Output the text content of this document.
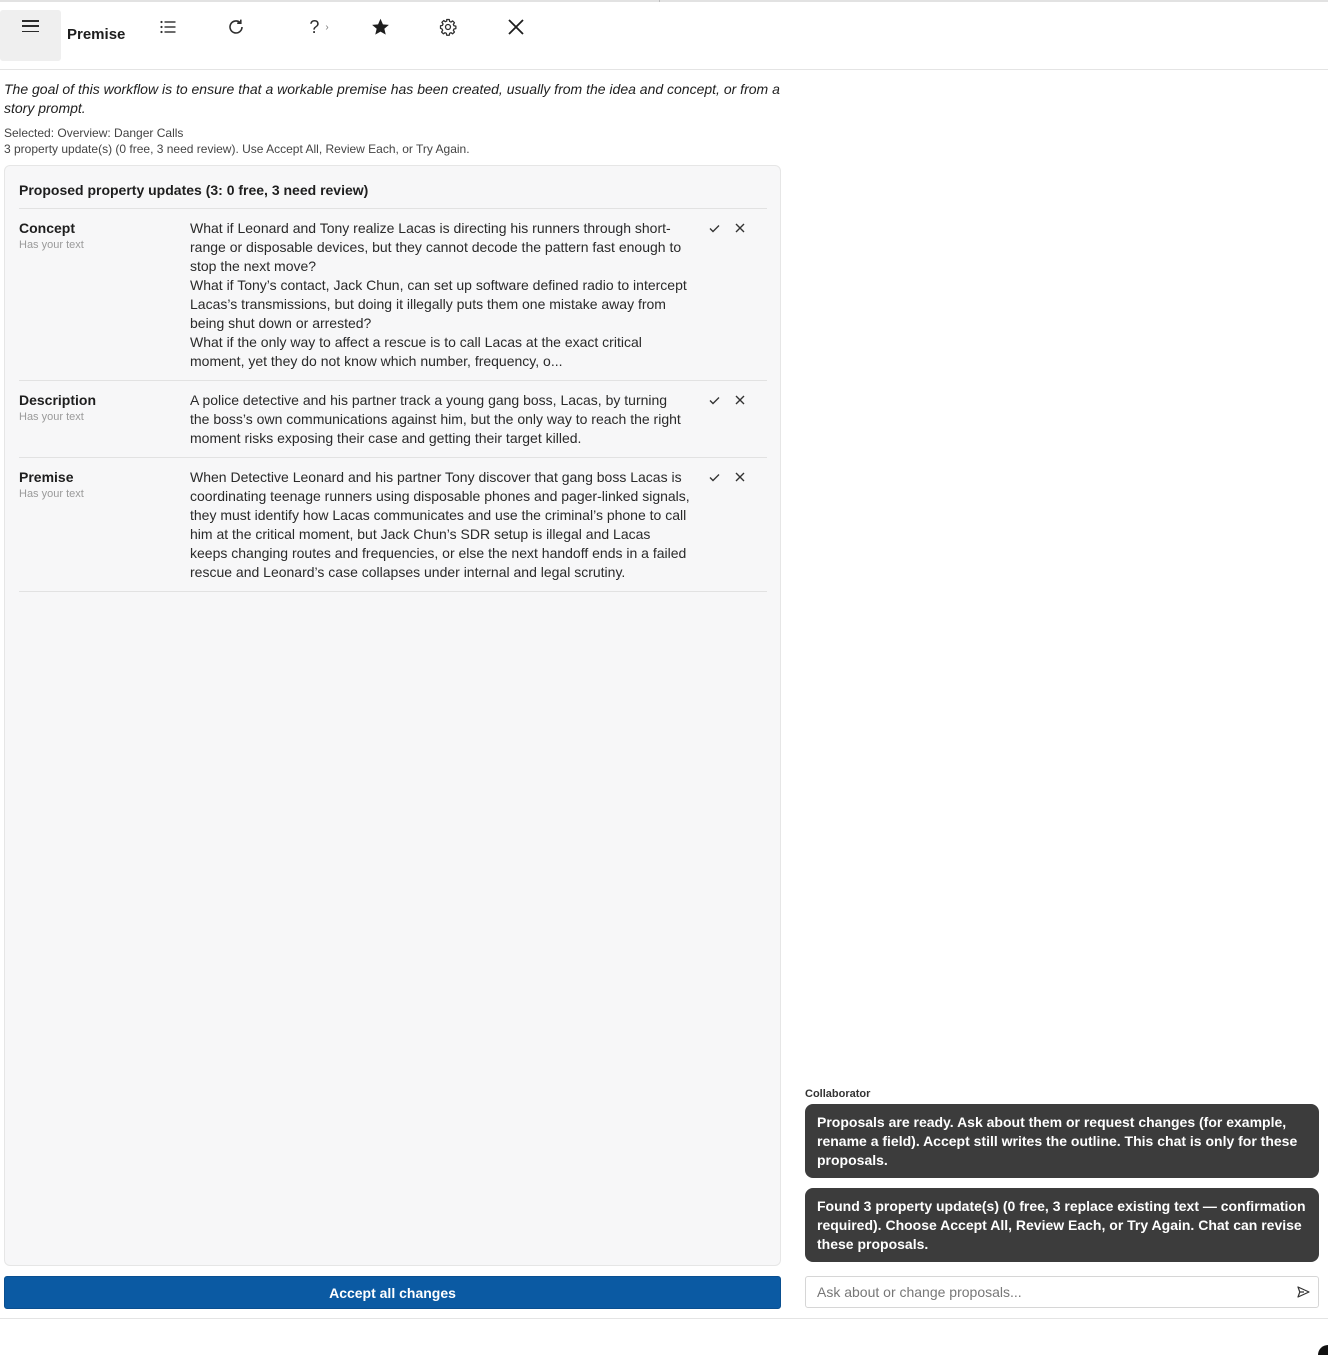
Premise	? ›

The goal of this workflow is to ensure that a workable premise has been created, usually from the idea and concept, or from a story prompt.

Selected: Overview: Danger Calls
3 property update(s) (0 free, 3 need review). Use Accept All, Review Each, or Try Again.
Proposed property updates (3: 0 free, 3 need review)
Concept
Has your text

What if Leonard and Tony realize Lacas is directing his runners through short-range or disposable devices, but they cannot decode the pattern fast enough to stop the next move?

What if Tony’s contact, Jack Chun, can set up software defined radio to intercept Lacas’s transmissions, but doing it illegally puts them one mistake away from being shut down or arrested?

What if the only way to affect a rescue is to call Lacas at the exact critical moment, yet they do not know which number, frequency, o...

Description
Has your text

A police detective and his partner track a young gang boss, Lacas, by turning the boss’s own communications against him, but the only way to reach the right moment risks exposing their case and getting their target killed.

Premise
Has your text

When Detective Leonard and his partner Tony discover that gang boss Lacas is coordinating teenage runners using disposable phones and pager-linked signals, they must identify how Lacas communicates and use the criminal’s phone to call him at the critical moment, but Jack Chun’s SDR setup is illegal and Lacas keeps changing routes and frequencies, or else the next handoff ends in a failed rescue and Leonard’s case collapses under internal and legal scrutiny.

Accept all changes
Collaborator
Proposals are ready. Ask about them or request changes (for example, rename a field). Accept still writes the outline. This chat is only for these proposals.
Found 3 property update(s) (0 free, 3 replace existing text — confirmation required). Choose Accept All, Review Each, or Try Again. Chat can revise these proposals.
Ask about or change proposals...
